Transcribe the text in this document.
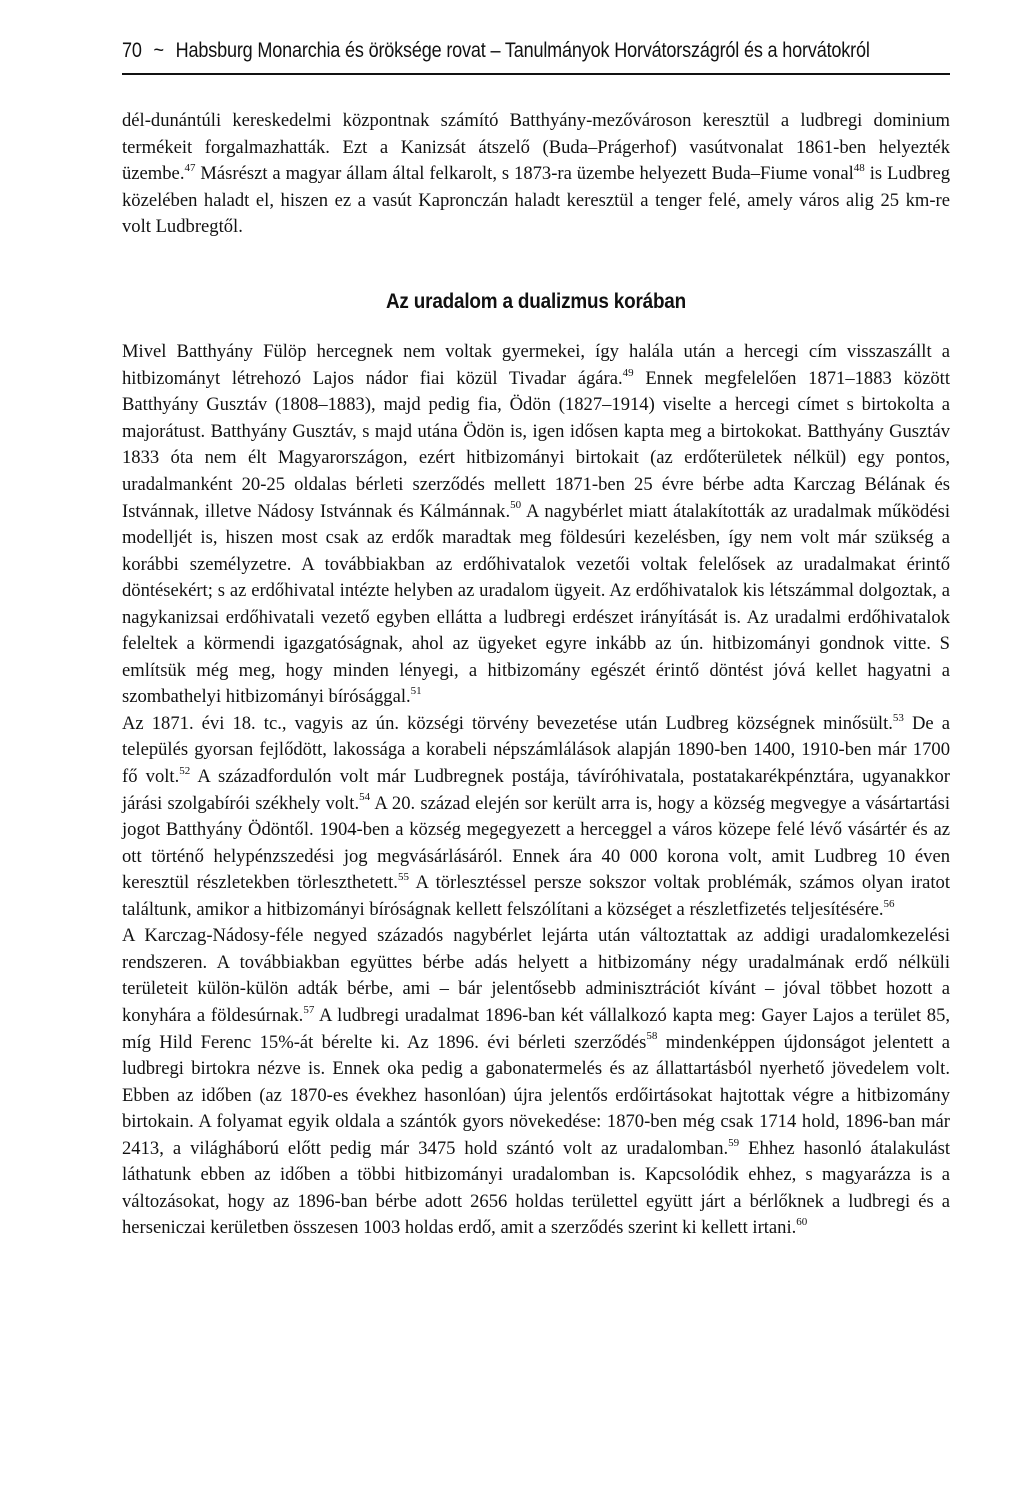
70 ~ Habsburg Monarchia és öröksége rovat – Tanulmányok Horvátországról és a horvátokról

dél-dunántúli kereskedelmi központnak számító Batthyány-mezővároson keresztül a ludbregi dominium termékeit forgalmazhatták. Ezt a Kanizsát átszelő (Buda–Prágerhof) vasútvonalat 1861-ben helyezték üzembe.$^{47}$ Másrészt a magyar állam által felkarolt, s 1873-ra üzembe helyezett Buda–Fiume vonal$^{48}$ is Ludbreg közelében haladt el, hiszen ez a vasút Kapronczán haladt keresztül a tenger felé, amely város alig 25 km-re volt Ludbregtől.

Az uradalom a dualizmus korában

Mivel Batthyány Fülöp hercegnek nem voltak gyermekei, így halála után a hercegi cím visszaszállt a hitbizományt létrehozó Lajos nádor fiai közül Tivadar ágára.$^{49}$ Ennek megfelelően 1871–1883 között Batthyány Gusztáv (1808–1883), majd pedig fia, Ödön (1827–1914) viselte a hercegi címet s birtokolta a majorátust. Batthyány Gusztáv, s majd utána Ödön is, igen idősen kapta meg a birtokokat. Batthyány Gusztáv 1833 óta nem élt Magyarországon, ezért hitbizományi birtokait (az erdőterületek nélkül) egy pontos, uradalmanként 20-25 oldalas bérleti szerződés mellett 1871-ben 25 évre bérbe adta Karczag Bélának és Istvánnak, illetve Nádosy Istvánnak és Kálmánnak.$^{50}$ A nagybérlet miatt átalakították az uradalmak működési modelljét is, hiszen most csak az erdők maradtak meg földesúri kezelésben, így nem volt már szükség a korábbi személyzetre. A továbbiakban az erdőhivatalok vezetői voltak felelősek az uradalmakat érintő döntésekért; s az erdőhivatal intézte helyben az uradalom ügyeit. Az erdőhivatalok kis létszámmal dolgoztak, a nagykanizsai erdőhivatali vezető egyben ellátta a ludbregi erdészet irányítását is. Az uradalmi erdőhivatalok feleltek a körmendi igazgatóságnak, ahol az ügyeket egyre inkább az ún. hitbizományi gondnok vitte. S említsük még meg, hogy minden lényegi, a hitbizomány egészét érintő döntést jóvá kellet hagyatni a szombathelyi hitbizományi bírósággal.$^{51}$

Az 1871. évi 18. tc., vagyis az ún. községi törvény bevezetése után Ludbreg községnek minősült.$^{53}$ De a település gyorsan fejlődött, lakossága a korabeli népszámlálások alapján 1890-ben 1400, 1910-ben már 1700 fő volt.$^{52}$ A századfordulón volt már Ludbregnek postája, távíróhivatala, postatakarékpénztára, ugyanakkor járási szolgabírói székhely volt.$^{54}$ A 20. század elején sor került arra is, hogy a község megvegye a vásártartási jogot Batthyány Ödöntől. 1904-ben a község megegyezett a herceggel a város közepe felé lévő vásártér és az ott történő helypénzszedési jog megvásárlásáról. Ennek ára 40 000 korona volt, amit Ludbreg 10 éven keresztül részletekben törleszthetett.$^{55}$ A törlesztéssel persze sokszor voltak problémák, számos olyan iratot találtunk, amikor a hitbizományi bíróságnak kellett felszólítani a községet a részletfizetés teljesítésére.$^{56}$

A Karczag-Nádosy-féle negyed századós nagybérlet lejárta után változtattak az addigi uradalomkezelési rendszeren. A továbbiakban együttes bérbe adás helyett a hitbizomány négy uradalmának erdő nélküli területeit külön-külön adták bérbe, ami – bár jelentősebb adminisztrációt kívánt – jóval többet hozott a konyhára a földesúrnak.$^{57}$ A ludbregi uradalmat 1896-ban két vállalkozó kapta meg: Gayer Lajos a terület 85, míg Hild Ferenc 15%-át bérelte ki. Az 1896. évi bérleti szerződés$^{58}$ mindenképpen újdonságot jelentett a ludbregi birtokra nézve is. Ennek oka pedig a gabonatermelés és az állattartásból nyerhető jövedelem volt. Ebben az időben (az 1870-es évekhez hasonlóan) újra jelentős erdőirtásokat hajtottak végre a hitbizomány birtokain. A folyamat egyik oldala a szántók gyors növekedése: 1870-ben még csak 1714 hold, 1896-ban már 2413, a világháború előtt pedig már 3475 hold szántó volt az uradalomban.$^{59}$ Ehhez hasonló átalakulást láthatunk ebben az időben a többi hitbizományi uradalomban is. Kapcsolódik ehhez, s magyarázza is a változásokat, hogy az 1896-ban bérbe adott 2656 holdas területtel együtt járt a bérlőknek a ludbregi és a herseniczai kerületben összesen 1003 holdas erdő, amit a szerződés szerint ki kellett irtani.$^{60}$
